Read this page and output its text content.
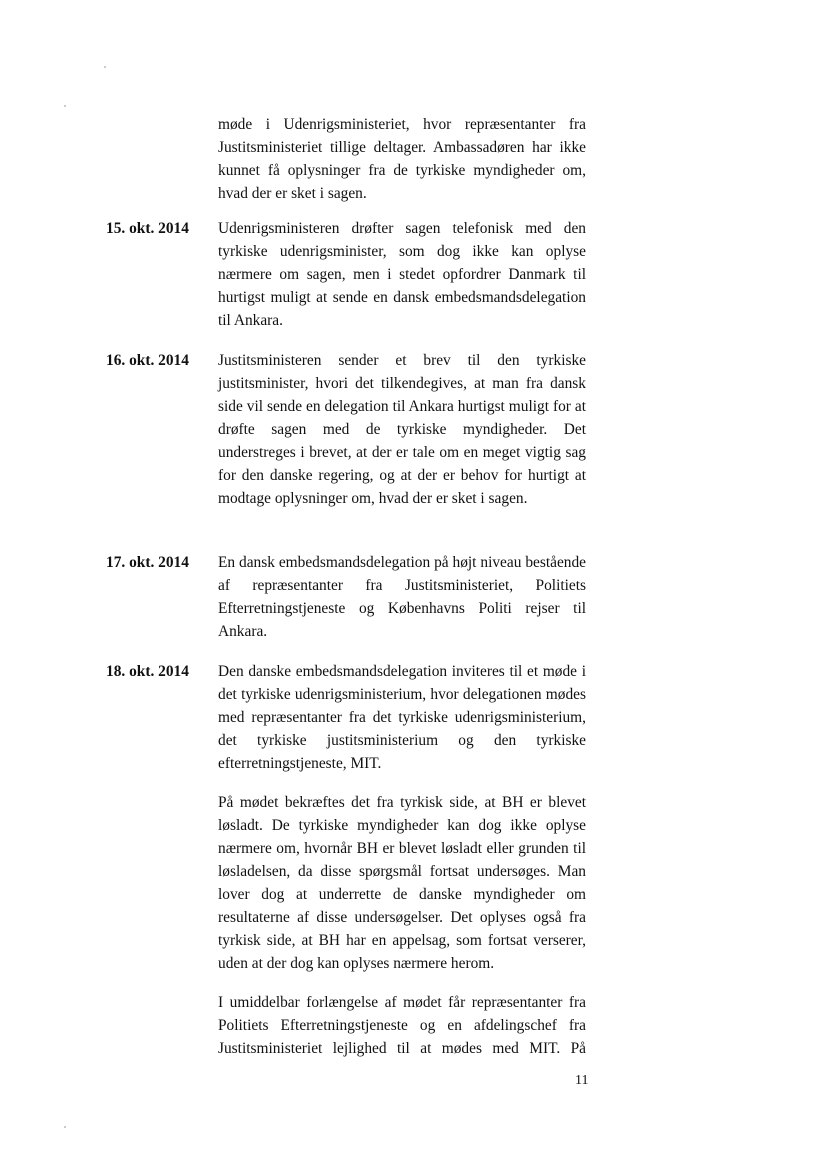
møde i Udenrigsministeriet, hvor repræsentanter fra Justitsministeriet tillige deltager. Ambassadøren har ikke kunnet få oplysninger fra de tyrkiske myndigheder om, hvad der er sket i sagen.

15. okt. 2014 Udenrigsministeren drøfter sagen telefonisk med den tyrkiske udenrigsminister, som dog ikke kan oplyse nærmere om sagen, men i stedet opfordrer Danmark til hurtigst muligt at sende en dansk embedsmandsdelegation til Ankara.

16. okt. 2014 Justitsministeren sender et brev til den tyrkiske justitsminister, hvori det tilkendegives, at man fra dansk side vil sende en delegation til Ankara hurtigst muligt for at drøfte sagen med de tyrkiske myndigheder. Det understreges i brevet, at der er tale om en meget vigtig sag for den danske regering, og at der er behov for hurtigt at modtage oplysninger om, hvad der er sket i sagen.

17. okt. 2014 En dansk embedsmandsdelegation på højt niveau bestående af repræsentanter fra Justitsministeriet, Politiets Efterretningstjeneste og Københavns Politi rejser til Ankara.

18. okt. 2014 Den danske embedsmandsdelegation inviteres til et møde i det tyrkiske udenrigsministerium, hvor delegationen mødes med repræsentanter fra det tyrkiske udenrigsministerium, det tyrkiske justitsministerium og den tyrkiske efterretningstjeneste, MIT.

På mødet bekræftes det fra tyrkisk side, at BH er blevet løsladt. De tyrkiske myndigheder kan dog ikke oplyse nærmere om, hvornår BH er blevet løsladt eller grunden til løsladelsen, da disse spørgsmål fortsat undersøges. Man lover dog at underrette de danske myndigheder om resultaterne af disse undersøgelser. Det oplyses også fra tyrkisk side, at BH har en appelsag, som fortsat verserer, uden at der dog kan oplyses nærmere herom.

I umiddelbar forlængelse af mødet får repræsentanter fra Politiets Efterretningstjeneste og en afdelingschef fra Justitsministeriet lejlighed til at mødes med MIT. På

11
